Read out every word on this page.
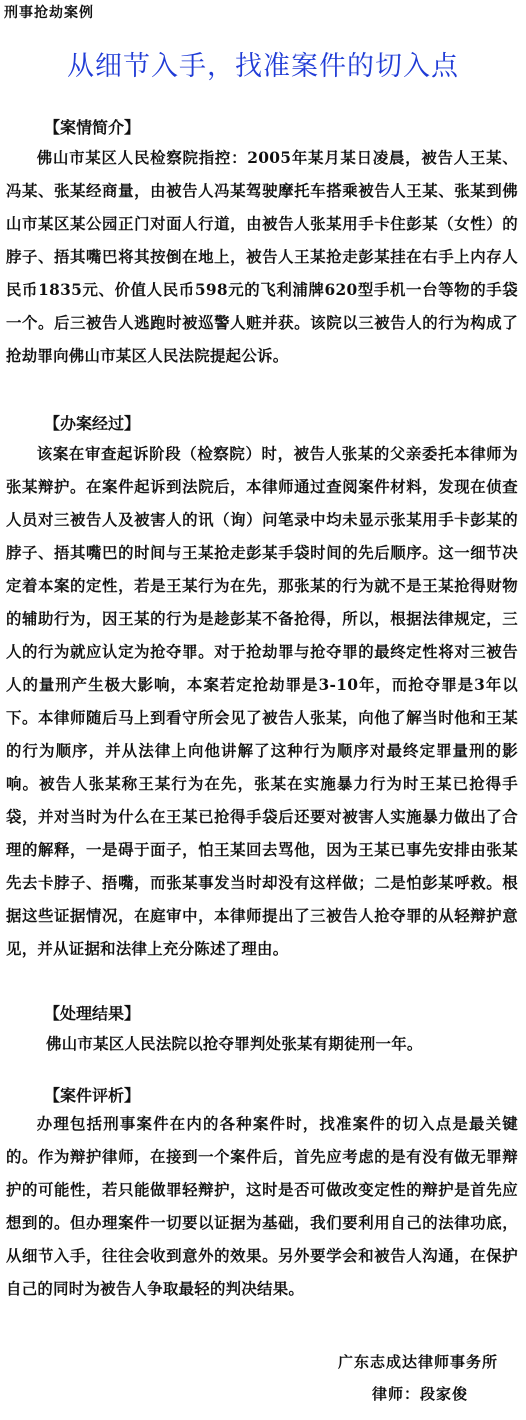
刑事抢劫案例
从细节入手，找准案件的切入点
【案情简介】
佛山市某区人民检察院指控：2005年某月某日凌晨，被告人王某、冯某、张某经商量，由被告人冯某驾驶摩托车搭乘被告人王某、张某到佛山市某区某公园正门对面人行道，由被告人张某用手卡住彭某（女性）的脖子、捂其嘴巴将其按倒在地上，被告人王某抢走彭某挂在右手上内存人民币1835元、价值人民币598元的飞利浦牌620型手机一台等物的手袋一个。后三被告人逃跑时被巡警人赃并获。该院以三被告人的行为构成了抢劫罪向佛山市某区人民法院提起公诉。
【办案经过】
该案在审查起诉阶段（检察院）时，被告人张某的父亲委托本律师为张某辩护。在案件起诉到法院后，本律师通过查阅案件材料，发现在侦查人员对三被告人及被害人的讯（询）问笔录中均未显示张某用手卡彭某的脖子、捂其嘴巴的时间与王某抢走彭某手袋时间的先后顺序。这一细节决定着本案的定性，若是王某行为在先，那张某的行为就不是王某抢得财物的辅助行为，因王某的行为是趁彭某不备抢得，所以，根据法律规定，三人的行为就应认定为抢夺罪。对于抢劫罪与抢夺罪的最终定性将对三被告人的量刑产生极大影响，本案若定抢劫罪是3-10年，而抢夺罪是3年以下。本律师随后马上到看守所会见了被告人张某，向他了解当时他和王某的行为顺序，并从法律上向他讲解了这种行为顺序对最终定罪量刑的影响。被告人张某称王某行为在先，张某在实施暴力行为时王某已抢得手袋，并对当时为什么在王某已抢得手袋后还要对被害人实施暴力做出了合理的解释，一是碍于面子，怕王某回去骂他，因为王某已事先安排由张某先去卡脖子、捂嘴，而张某事发当时却没有这样做；二是怕彭某呼救。根据这些证据情况，在庭审中，本律师提出了三被告人抢夺罪的从轻辩护意见，并从证据和法律上充分陈述了理由。
【处理结果】
佛山市某区人民法院以抢夺罪判处张某有期徒刑一年。
【案件评析】
办理包括刑事案件在内的各种案件时，找准案件的切入点是最关键的。作为辩护律师，在接到一个案件后，首先应考虑的是有没有做无罪辩护的可能性，若只能做罪轻辩护，这时是否可做改变定性的辩护是首先应想到的。但办理案件一切要以证据为基础，我们要利用自己的法律功底，从细节入手，往往会收到意外的效果。另外要学会和被告人沟通，在保护自己的同时为被告人争取最轻的判决结果。
广东志成达律师事务所
律师：段家俊
